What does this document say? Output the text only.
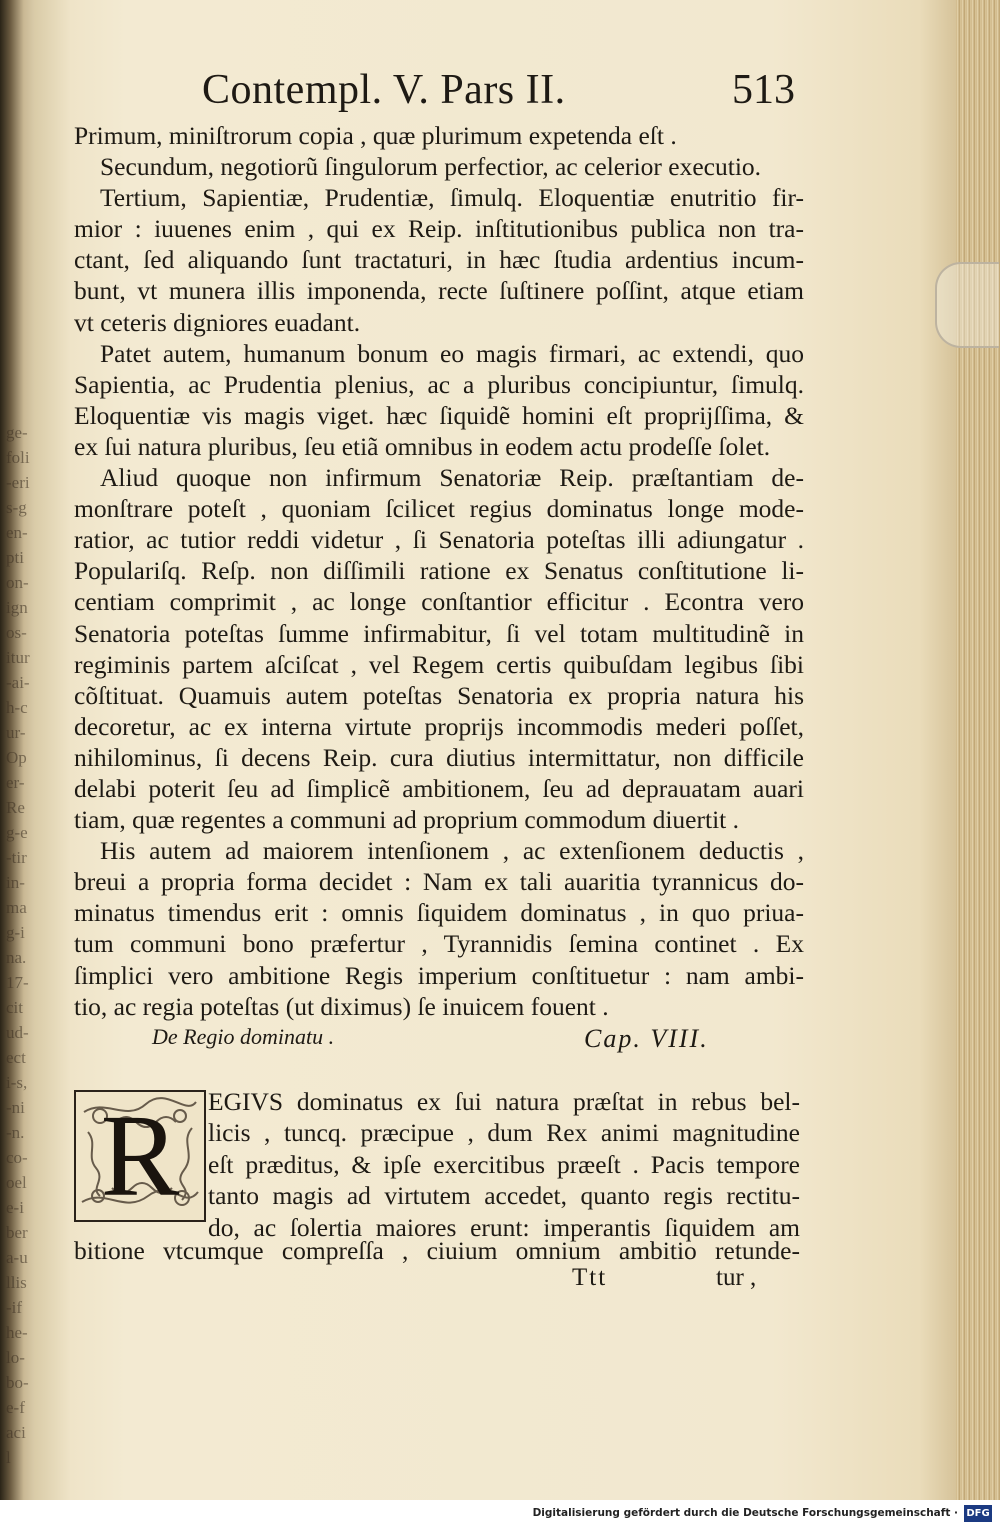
ge-foli-eris-gen-ption-ignos-itur-ai-h-cur-Oper-Reg-e-tirin-mag-ina.17-citud-ecti-s,-ni-n.co-oele-ibera-ullis-ifhe-lo-bo-e-facil
Contempl. V. Pars II.	513
Primum, miniſtrorum copia , quæ plurimum expetenda eſt .
Secundum, negotiorũ ſingulorum perfectior, ac celerior executio.
Tertium, Sapientiæ, Prudentiæ, ſimulq. Eloquentiæ enutritio fir-
mior : iuuenes enim , qui ex Reip. inſtitutionibus publica non tra-
ctant, ſed aliquando ſunt tractaturi, in hæc ſtudia ardentius incum-
bunt, vt munera illis imponenda, recte ſuſtinere poſſint, atque etiam
vt ceteris digniores euadant.
Patet autem, humanum bonum eo magis firmari, ac extendi, quo
Sapientia, ac Prudentia plenius, ac a pluribus concipiuntur, ſimulq.
Eloquentiæ vis magis viget. hæc ſiquidẽ homini eſt proprijſſima, &
ex ſui natura pluribus, ſeu etiã omnibus in eodem actu prodeſſe ſolet.
Aliud quoque non infirmum Senatoriæ Reip. præſtantiam de-
monſtrare poteſt , quoniam ſcilicet regius dominatus longe mode-
ratior, ac tutior reddi videtur , ſi Senatoria poteſtas illi adiungatur .
Populariſq. Reſp. non diſſimili ratione ex Senatus conſtitutione li-
centiam comprimit , ac longe conſtantior efficitur . Econtra vero
Senatoria poteſtas ſumme infirmabitur, ſi vel totam multitudinẽ in
regiminis partem aſciſcat , vel Regem certis quibuſdam legibus ſibi
cõſtituat. Quamuis autem poteſtas Senatoria ex propria natura his
decoretur, ac ex interna virtute proprijs incommodis mederi poſſet,
nihilominus, ſi decens Reip. cura diutius intermittatur, non difficile
delabi poterit ſeu ad ſimplicẽ ambitionem, ſeu ad deprauatam auari
tiam, quæ regentes a communi ad proprium commodum diuertit .
His autem ad maiorem intenſionem , ac extenſionem deductis ,
breui a propria forma decidet : Nam ex tali auaritia tyrannicus do-
minatus timendus erit : omnis ſiquidem dominatus , in quo priua-
tum communi bono præfertur , Tyrannidis ſemina continet . Ex
ſimplici vero ambitione Regis imperium conſtituetur : nam ambi-
tio, ac regia poteſtas (ut diximus) ſe inuicem fouent .
De Regio dominatu .	Cap. VIII.
R	EGIVS dominatus ex ſui natura præſtat in rebus bel-
licis , tuncq. præcipue , dum Rex animi magnitudine
eſt præditus, & ipſe exercitibus præeſt . Pacis tempore
tanto magis ad virtutem accedet, quanto regis rectitu-
do, ac ſolertia maiores erunt: imperantis ſiquidem am
bitione vtcumque compreſſa , ciuium omnium ambitio retunde-
Ttt	tur ,
Digitalisierung gefördert durch die Deutsche Forschungsgemeinschaft · DFG
